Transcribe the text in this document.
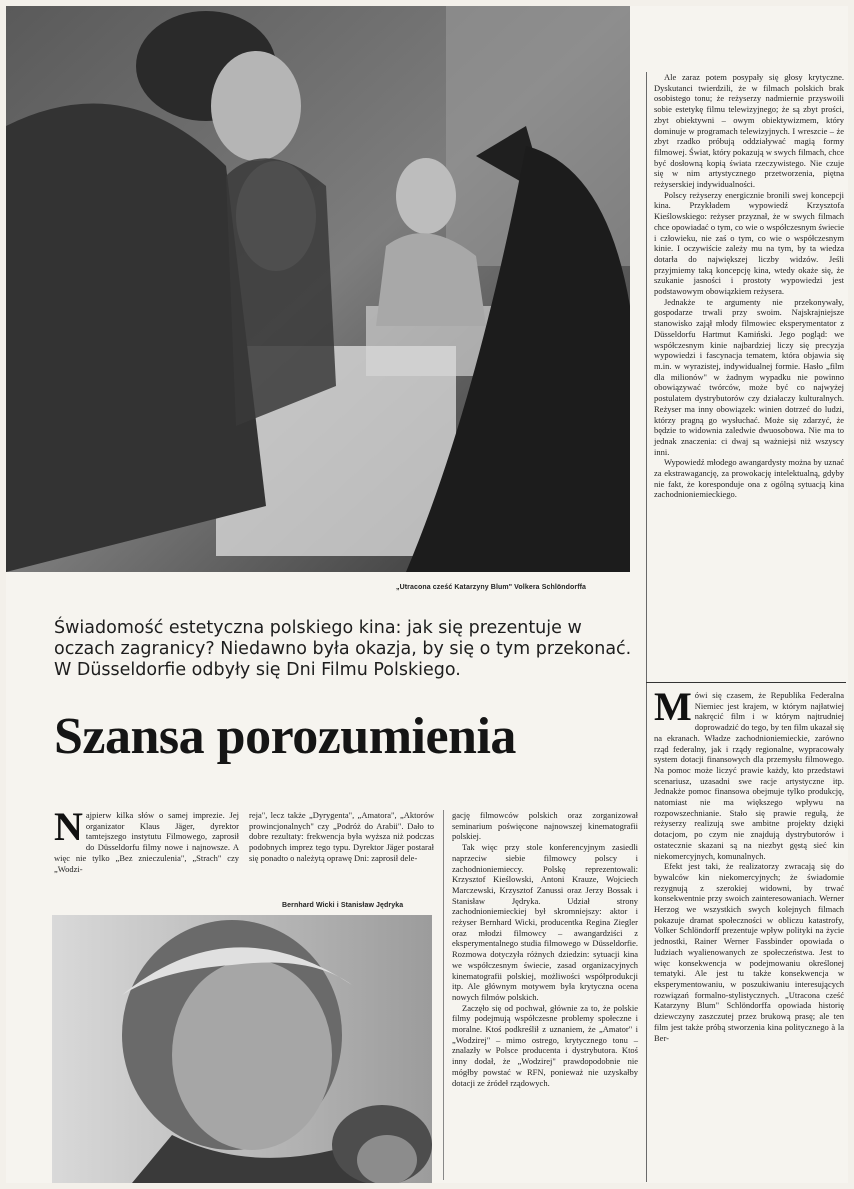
„Utracona cześć Katarzyny Blum" Volkera Schlöndorffa
Świadomość estetyczna polskiego kina: jak się prezentuje w oczach zagranicy? Niedawno była okazja, by się o tym przekonać. W Düsseldorfie odbyły się Dni Filmu Polskiego.
Szansa porozumienia

Najpierw kilka słów o samej imprezie. Jej organizator Klaus Jäger, dyrektor tamtejszego instytutu Filmowego, zaprosił do Düsseldorfu filmy nowe i najnowsze. A więc nie tylko „Bez znieczulenia", „Strach" czy „Wodzi-

reja", lecz także „Dyrygenta", „Amatora", „Aktorów prowincjonalnych" czy „Podróż do Arabii". Dało to dobre rezultaty: frekwencja była wyższa niż podczas podobnych imprez tego typu. Dyrektor Jäger postarał się ponadto o należytą oprawę Dni: zaprosił dele-

Bernhard Wicki i Stanisław Jędryka

gację filmowców polskich oraz zorganizował seminarium poświęcone najnowszej kinematografii polskiej.

Tak więc przy stole konferencyjnym zasiedli naprzeciw siebie filmowcy polscy i zachodnioniemieccy. Polskę reprezentowali: Krzysztof Kieślowski, Antoni Krauze, Wojciech Marczewski, Krzysztof Zanussi oraz Jerzy Bossak i Stanisław Jędryka. Udział strony zachodnioniemieckiej był skromniejszy: aktor i reżyser Bernhard Wicki, producentka Regina Ziegler oraz młodzi filmowcy – awangardziści z eksperymentalnego studia filmowego w Düsseldorfie. Rozmowa dotyczyła różnych dziedzin: sytuacji kina we współczesnym świecie, zasad organizacyjnych kinematografii polskiej, możliwości współprodukcji itp. Ale głównym motywem była krytyczna ocena nowych filmów polskich.

Zaczęło się od pochwał, głównie za to, że polskie filmy podejmują współczesne problemy społeczne i moralne. Ktoś podkreślił z uznaniem, że „Amator" i „Wodzirej" – mimo ostrego, krytycznego tonu – znalazły w Polsce producenta i dystrybutora. Ktoś inny dodał, że „Wodzirej" prawdopodobnie nie mógłby powstać w RFN, ponieważ nie uzyskałby dotacji ze źródeł rządowych.

Ale zaraz potem posypały się głosy krytyczne. Dyskutanci twierdzili, że w filmach polskich brak osobistego tonu; że reżyserzy nadmiernie przyswoili sobie estetykę filmu telewizyjnego; że są zbyt prości, zbyt obiektywni – owym obiektywizmem, który dominuje w programach telewizyjnych. I wreszcie – że zbyt rzadko próbują oddziaływać magią formy filmowej. Świat, który pokazują w swych filmach, chce być dosłowną kopią świata rzeczywistego. Nie czuje się w nim artystycznego przetworzenia, piętna reżyserskiej indywidualności.

Polscy reżyserzy energicznie bronili swej koncepcji kina. Przykładem wypowiedź Krzysztofa Kieślowskiego: reżyser przyznał, że w swych filmach chce opowiadać o tym, co wie o współczesnym świecie i człowieku, nie zaś o tym, co wie o współczesnym kinie. I oczywiście zależy mu na tym, by ta wiedza dotarła do największej liczby widzów. Jeśli przyjmiemy taką koncepcję kina, wtedy okaże się, że szukanie jasności i prostoty wypowiedzi jest podstawowym obowiązkiem reżysera.

Jednakże te argumenty nie przekonywały, gospodarze trwali przy swoim. Najskrajniejsze stanowisko zajął młody filmowiec eksperymentator z Düsseldorfu Hartmut Kamiński. Jego pogląd: we współczesnym kinie najbardziej liczy się precyzja wypowiedzi i fascynacja tematem, która objawia się m.in. w wyrazistej, indywidualnej formie. Hasło „film dla milionów" w żadnym wypadku nie powinno obowiązywać twórców, może być co najwyżej postulatem dystrybutorów czy działaczy kulturalnych. Reżyser ma inny obowiązek: winien dotrzeć do ludzi, którzy pragną go wysłuchać. Może się zdarzyć, że będzie to widownia zaledwie dwuosobowa. Nie ma to jednak znaczenia: ci dwaj są ważniejsi niż wszyscy inni.

Wypowiedź młodego awangardysty można by uznać za ekstrawagancję, za prowokację intelektualną, gdyby nie fakt, że koresponduje ona z ogólną sytuacją kina zachodnioniemieckiego.

Mówi się czasem, że Republika Federalna Niemiec jest krajem, w którym najłatwiej nakręcić film i w którym najtrudniej doprowadzić do tego, by ten film ukazał się na ekranach. Władze zachodnioniemieckie, zarówno rząd federalny, jak i rządy regionalne, wypracowały system dotacji finansowych dla przemysłu filmowego. Na pomoc może liczyć prawie każdy, kto przedstawi scenariusz, uzasadni swe racje artystyczne itp. Jednakże pomoc finansowa obejmuje tylko produkcję, natomiast nie ma większego wpływu na rozpowszechnianie. Stało się prawie regułą, że reżyserzy realizują swe ambitne projekty dzięki dotacjom, po czym nie znajdują dystrybutorów i ostatecznie skazani są na niezbyt gęstą sieć kin niekomercyjnych, komunalnych.

Efekt jest taki, że realizatorzy zwracają się do bywalców kin niekomercyjnych; że świadomie rezygnują z szerokiej widowni, by trwać konsekwentnie przy swoich zainteresowaniach. Werner Herzog we wszystkich swych kolejnych filmach pokazuje dramat społeczności w obliczu katastrofy, Volker Schlöndorff prezentuje wpływ polityki na życie jednostki, Rainer Werner Fassbinder opowiada o ludziach wyalienowanych ze społeczeństwa. Jest to więc konsekwencja w podejmowaniu określonej tematyki. Ale jest tu także konsekwencja w eksperymentowaniu, w poszukiwaniu interesujących rozwiązań formalno-stylistycznych. „Utracona cześć Katarzyny Blum" Schlöndorffa opowiada historię dziewczyny zaszczutej przez brukową prasę; ale ten film jest także próbą stworzenia kina politycznego à la Ber-
